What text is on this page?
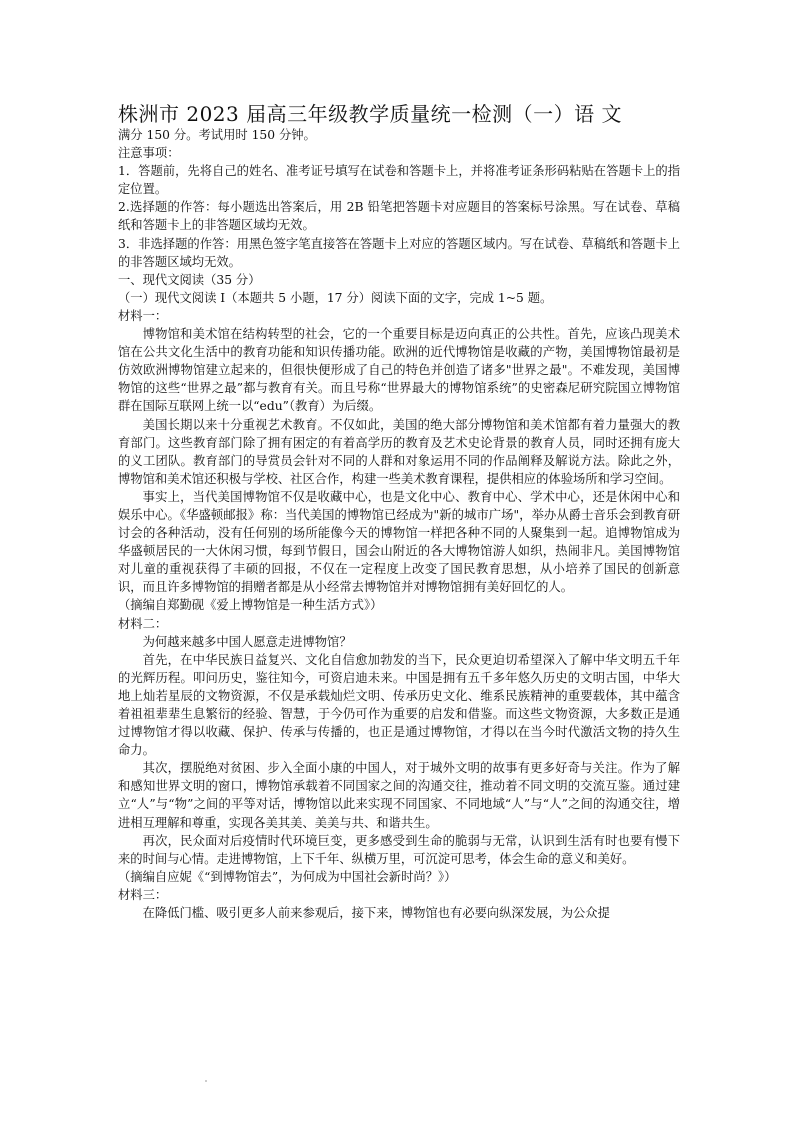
株洲市 2023 届高三年级教学质量统一检测（一）语 文

满分 150 分。考试用时 150 分钟。

注意事项：

1．答题前，先将自己的姓名、准考证号填写在试卷和答题卡上，并将准考证条形码粘贴在答题卡上的指定位置。

2.选择题的作答：每小题选出答案后，用 2B 铅笔把答题卡对应题目的答案标号涂黑。写在试卷、草稿纸和答题卡上的非答题区域均无效。

3．非选择题的作答：用黑色签字笔直接答在答题卡上对应的答题区域内。写在试卷、草稿纸和答题卡上的非答题区域均无效。

一、现代文阅读（35 分）

（一）现代文阅读 I（本题共 5 小题，17 分）阅读下面的文字，完成 1~5 题。

材料一：

博物馆和美术馆在结构转型的社会，它的一个重要目标是迈向真正的公共性。首先，应该凸现美术馆在公共文化生活中的教育功能和知识传播功能。欧洲的近代博物馆是收藏的产物，美国博物馆最初是仿效欧洲博物馆建立起来的，但很快便形成了自己的特色并创造了诸多"世界之最"。不难发现，美国博物馆的这些“世界之最”都与教育有关。而且号称“世界最大的博物馆系统”的史密森尼研究院国立博物馆群在国际互联网上统一以“edu”（教育）为后缀。

美国长期以来十分重视艺术教育。不仅如此，美国的绝大部分博物馆和美术馆都有着力量强大的教育部门。这些教育部门除了拥有困定的有着高学历的教育及艺术史论背景的教育人员，同时还拥有庞大的义工团队。教育部门的导赏员会针对不同的人群和对象运用不同的作品阐释及解说方法。除此之外，博物馆和美术馆还积极与学校、社区合作，构建一些美术教育课程，提供相应的体验场所和学习空间。

事实上，当代美国博物馆不仅是收藏中心，也是文化中心、教育中心、学术中心，还是休闲中心和娱乐中心。《华盛顿邮报》称：当代美国的博物馆已经成为"新的城市广场"，举办从爵士音乐会到教育研讨会的各种活动，没有任何别的场所能像今天的博物馆一样把各种不同的人聚集到一起。追博物馆成为华盛顿居民的一大休闲习惯，每到节假日，国会山附近的各大博物馆游人如织，热闹非凡。美国博物馆对儿童的重视获得了丰硕的回报，不仅在一定程度上改变了国民教育思想，从小培养了国民的创新意识，而且许多博物馆的捐赠者都是从小经常去博物馆并对博物馆拥有美好回忆的人。

（摘编自郑勤砚《爱上博物馆是一种生活方式》）

材料二：

为何越来越多中国人愿意走进博物馆？

首先，在中华民族日益复兴、文化自信愈加勃发的当下，民众更迫切希望深入了解中华文明五千年的光辉历程。叩问历史，鉴往知今，可资启迪未来。中国是拥有五千多年悠久历史的文明古国，中华大地上灿若星辰的文物资源，不仅是承载灿烂文明、传承历史文化、维系民族精神的重要载体，其中蕴含着祖祖辈辈生息繁衍的经验、智慧，于今仍可作为重要的启发和借鉴。而这些文物资源，大多数正是通过博物馆才得以收藏、保护、传承与传播的，也正是通过博物馆，才得以在当今时代激活文物的持久生命力。

其次，摆脱绝对贫困、步入全面小康的中国人，对于城外文明的故事有更多好奇与关注。作为了解和感知世界文明的窗口，博物馆承载着不同国家之间的沟通交往，推动着不同文明的交流互鉴。通过建立“人”与“物”之间的平等对话，博物馆以此来实现不同国家、不同地域“人”与“人”之间的沟通交往，增进相互理解和尊重，实现各美其美、美美与共、和谐共生。

再次，民众面对后疫情时代环境巨变，更多感受到生命的脆弱与无常，认识到生活有时也要有慢下来的时间与心情。走进博物馆，上下千年、纵横万里，可沉淀可思考，体会生命的意义和美好。

（摘编自应妮《“到博物馆去”，为何成为中国社会新时尚？》）

材料三：

在降低门槛、吸引更多人前来参观后，接下来，博物馆也有必要向纵深发展，为公众提
